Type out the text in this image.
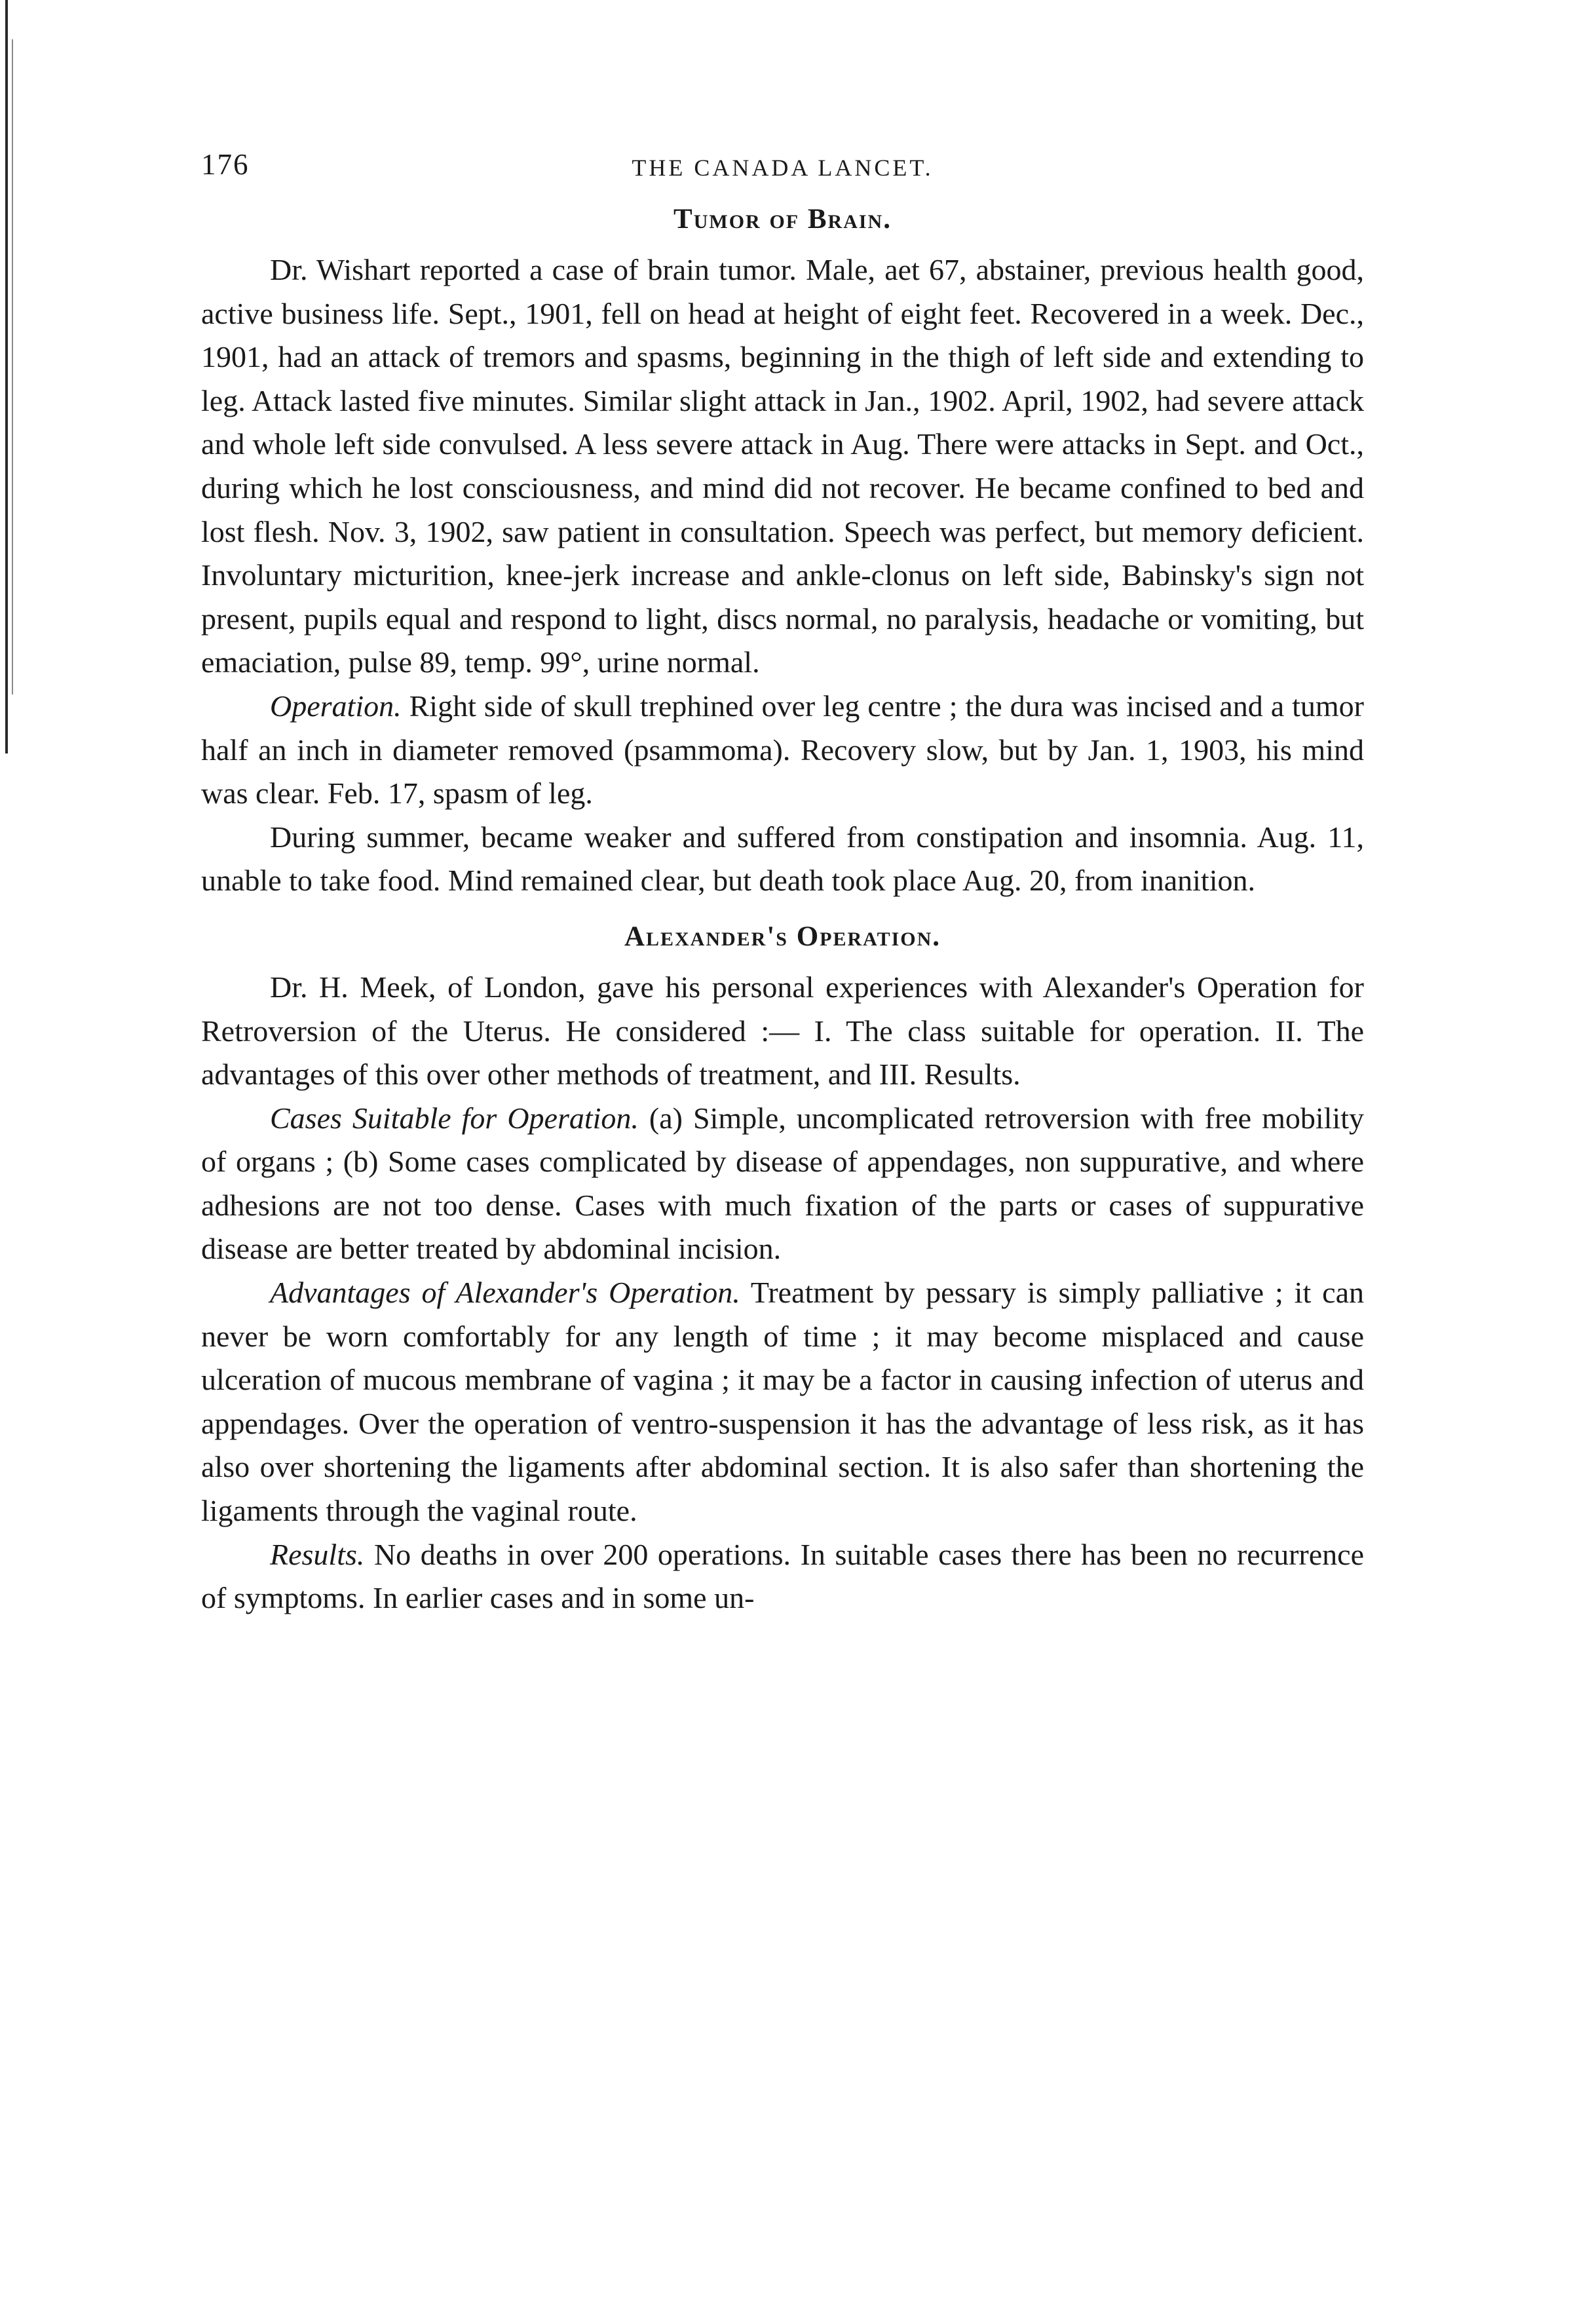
176	THE CANADA LANCET.
Tumor of Brain.

Dr. Wishart reported a case of brain tumor. Male, aet 67, abstainer, previous health good, active business life. Sept., 1901, fell on head at height of eight feet. Recovered in a week. Dec., 1901, had an attack of tremors and spasms, beginning in the thigh of left side and extending to leg. Attack lasted five minutes. Similar slight attack in Jan., 1902. April, 1902, had severe attack and whole left side convulsed. A less severe attack in Aug. There were attacks in Sept. and Oct., during which he lost consciousness, and mind did not recover. He became confined to bed and lost flesh. Nov. 3, 1902, saw patient in consultation. Speech was perfect, but memory deficient. Involuntary micturition, knee-jerk increase and ankle-clonus on left side, Babinsky's sign not present, pupils equal and respond to light, discs normal, no paralysis, headache or vomiting, but emaciation, pulse 89, temp. 99°, urine normal.

Operation. Right side of skull trephined over leg centre ; the dura was incised and a tumor half an inch in diameter removed (psammoma). Recovery slow, but by Jan. 1, 1903, his mind was clear. Feb. 17, spasm of leg.

During summer, became weaker and suffered from constipation and insomnia. Aug. 11, unable to take food. Mind remained clear, but death took place Aug. 20, from inanition.

Alexander's Operation.

Dr. H. Meek, of London, gave his personal experiences with Alexander's Operation for Retroversion of the Uterus. He considered :— I. The class suitable for operation. II. The advantages of this over other methods of treatment, and III. Results.

Cases Suitable for Operation. (a) Simple, uncomplicated retroversion with free mobility of organs ; (b) Some cases complicated by disease of appendages, non suppurative, and where adhesions are not too dense. Cases with much fixation of the parts or cases of suppurative disease are better treated by abdominal incision.

Advantages of Alexander's Operation. Treatment by pessary is simply palliative ; it can never be worn comfortably for any length of time ; it may become misplaced and cause ulceration of mucous membrane of vagina ; it may be a factor in causing infection of uterus and appendages. Over the operation of ventro-suspension it has the advantage of less risk, as it has also over shortening the ligaments after abdominal section. It is also safer than shortening the ligaments through the vaginal route.

Results. No deaths in over 200 operations. In suitable cases there has been no recurrence of symptoms. In earlier cases and in some un-
